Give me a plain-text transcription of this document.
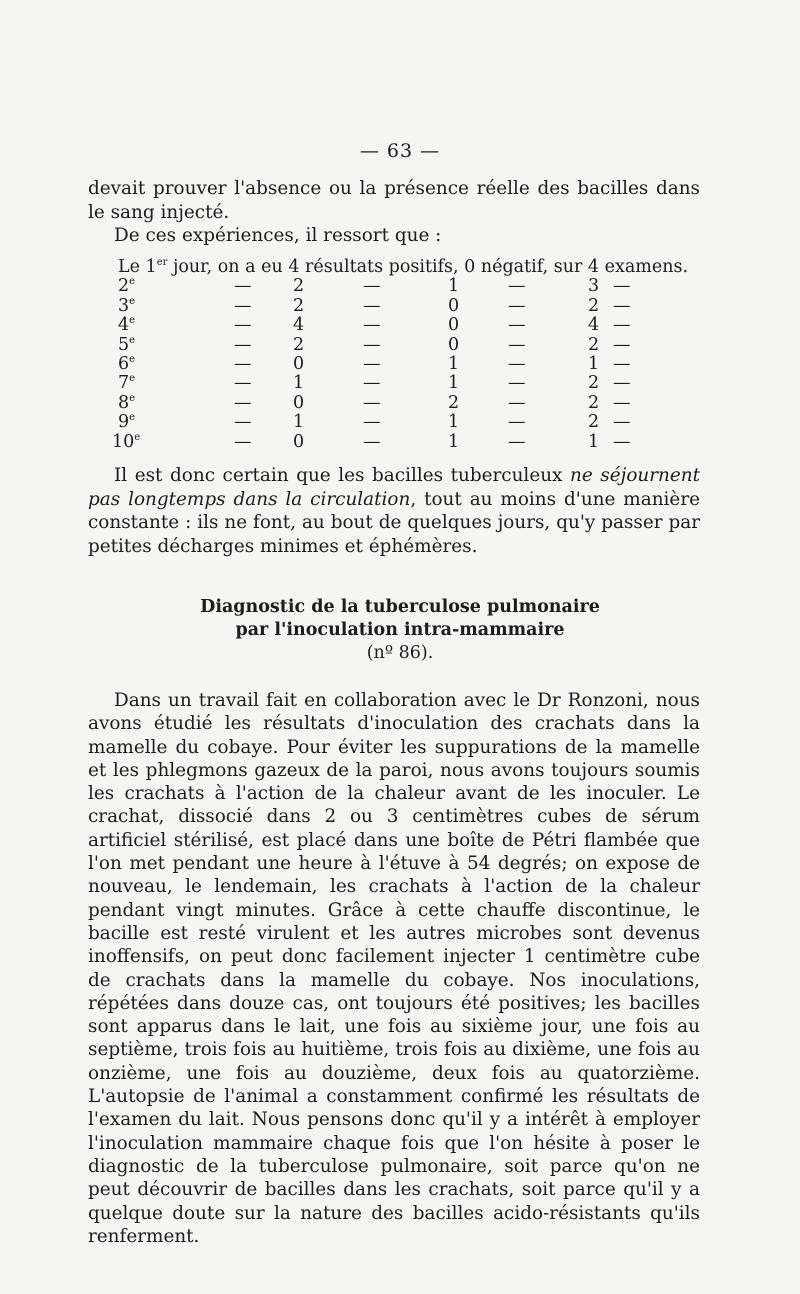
— 63 —

devait prouver l'absence ou la présence réelle des bacilles dans le sang injecté.

De ces expériences, il ressort que :

Le 1er jour, on a eu 4 résultats positifs, 0 négatif, sur 4 examens.
2e	— 2	—	1	—	3 —
3e	— 2	—	0	—	2 —
4e	— 4	—	0	—	4 —
5e	— 2	—	0	—	2 —
6e	— 0	—	1	—	1 —
7e	— 1	—	1	—	2 —
8e	— 0	—	2	—	2 —
9e	— 1	—	1	—	2 —
10e	— 0	—	1	—	1 —

Il est donc certain que les bacilles tuberculeux ne séjournent pas longtemps dans la circulation, tout au moins d'une manière constante : ils ne font, au bout de quelques jours, qu'y passer par petites décharges minimes et éphémères.

Diagnostic de la tuberculose pulmonaire
par l'inoculation intra-mammaire
(nº 86).

Dans un travail fait en collaboration avec le Dr Ronzoni, nous avons étudié les résultats d'inoculation des crachats dans la mamelle du cobaye. Pour éviter les suppurations de la mamelle et les phlegmons gazeux de la paroi, nous avons toujours soumis les crachats à l'action de la chaleur avant de les inoculer. Le crachat, dissocié dans 2 ou 3 centimètres cubes de sérum artificiel stérilisé, est placé dans une boîte de Pétri flambée que l'on met pendant une heure à l'étuve à 54 degrés; on expose de nouveau, le lendemain, les crachats à l'action de la chaleur pendant vingt minutes. Grâce à cette chauffe discontinue, le bacille est resté virulent et les autres microbes sont devenus inoffensifs, on peut donc facilement injecter 1 centimètre cube de crachats dans la mamelle du cobaye. Nos inoculations, répétées dans douze cas, ont toujours été positives; les bacilles sont apparus dans le lait, une fois au sixième jour, une fois au septième, trois fois au huitième, trois fois au dixième, une fois au onzième, une fois au douzième, deux fois au quatorzième. L'autopsie de l'animal a constamment confirmé les résultats de l'examen du lait. Nous pensons donc qu'il y a intérêt à employer l'inoculation mammaire chaque fois que l'on hésite à poser le diagnostic de la tuberculose pulmonaire, soit parce qu'on ne peut découvrir de bacilles dans les crachats, soit parce qu'il y a quelque doute sur la nature des bacilles acido-résistants qu'ils renferment.
